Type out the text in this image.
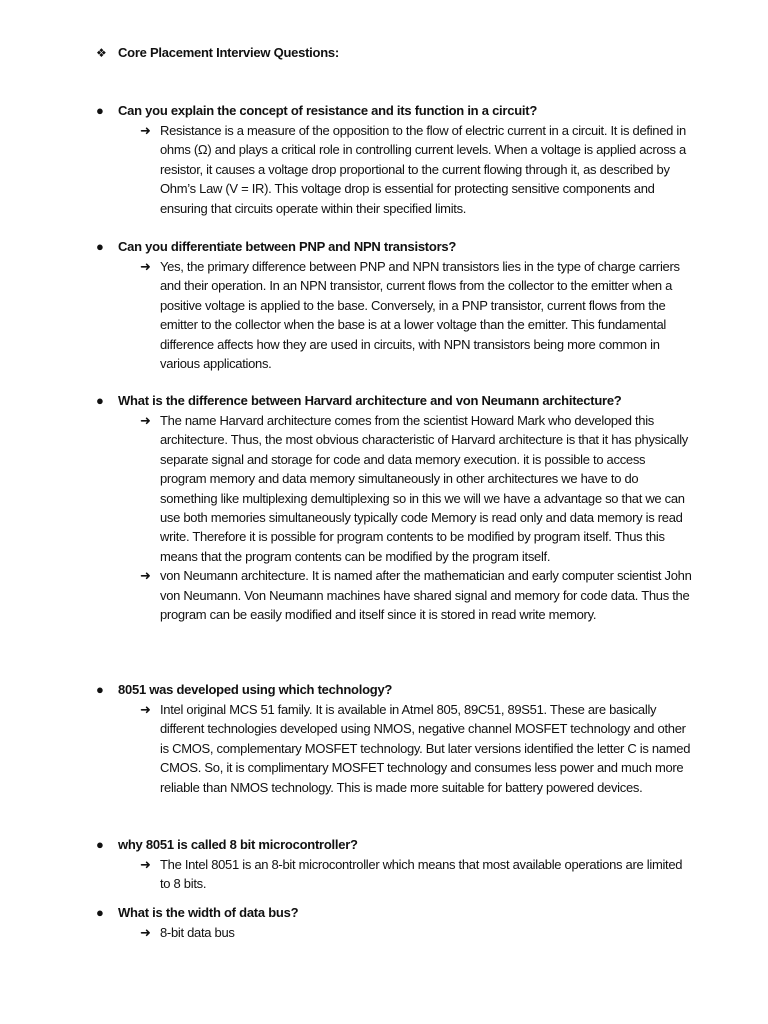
❖ Core Placement Interview Questions:
● Can you explain the concept of resistance and its function in a circuit?
➜ Resistance is a measure of the opposition to the flow of electric current in a circuit. It is defined in ohms (Ω) and plays a critical role in controlling current levels. When a voltage is applied across a resistor, it causes a voltage drop proportional to the current flowing through it, as described by Ohm’s Law (V = IR). This voltage drop is essential for protecting sensitive components and ensuring that circuits operate within their specified limits.
● Can you differentiate between PNP and NPN transistors?
➜ Yes, the primary difference between PNP and NPN transistors lies in the type of charge carriers and their operation. In an NPN transistor, current flows from the collector to the emitter when a positive voltage is applied to the base. Conversely, in a PNP transistor, current flows from the emitter to the collector when the base is at a lower voltage than the emitter. This fundamental difference affects how they are used in circuits, with NPN transistors being more common in various applications.
● What is the difference between Harvard architecture and von Neumann architecture?
➜ The name Harvard architecture comes from the scientist Howard Mark who developed this architecture. Thus, the most obvious characteristic of Harvard architecture is that it has physically separate signal and storage for code and data memory execution. it is possible to access program memory and data memory simultaneously in other architectures we have to do something like multiplexing demultiplexing so in this we will we have a advantage so that we can use both memories simultaneously typically code Memory is read only and data memory is read write. Therefore it is possible for program contents to be modified by program itself. Thus this means that the program contents can be modified by the program itself.
➜ von Neumann architecture. It is named after the mathematician and early computer scientist John von Neumann. Von Neumann machines have shared signal and memory for code data. Thus the program can be easily modified and itself since it is stored in read write memory.
● 8051 was developed using which technology?
➜ Intel original MCS 51 family. It is available in Atmel 805, 89C51, 89S51. These are basically different technologies developed using NMOS, negative channel MOSFET technology and other is CMOS, complementary MOSFET technology. But later versions identified the letter C is named CMOS. So, it is complimentary MOSFET technology and consumes less power and much more reliable than NMOS technology. This is made more suitable for battery powered devices.
● why 8051 is called 8 bit microcontroller?
➜ The Intel 8051 is an 8-bit microcontroller which means that most available operations are limited to 8 bits.
● What is the width of data bus?
➜ 8-bit data bus
